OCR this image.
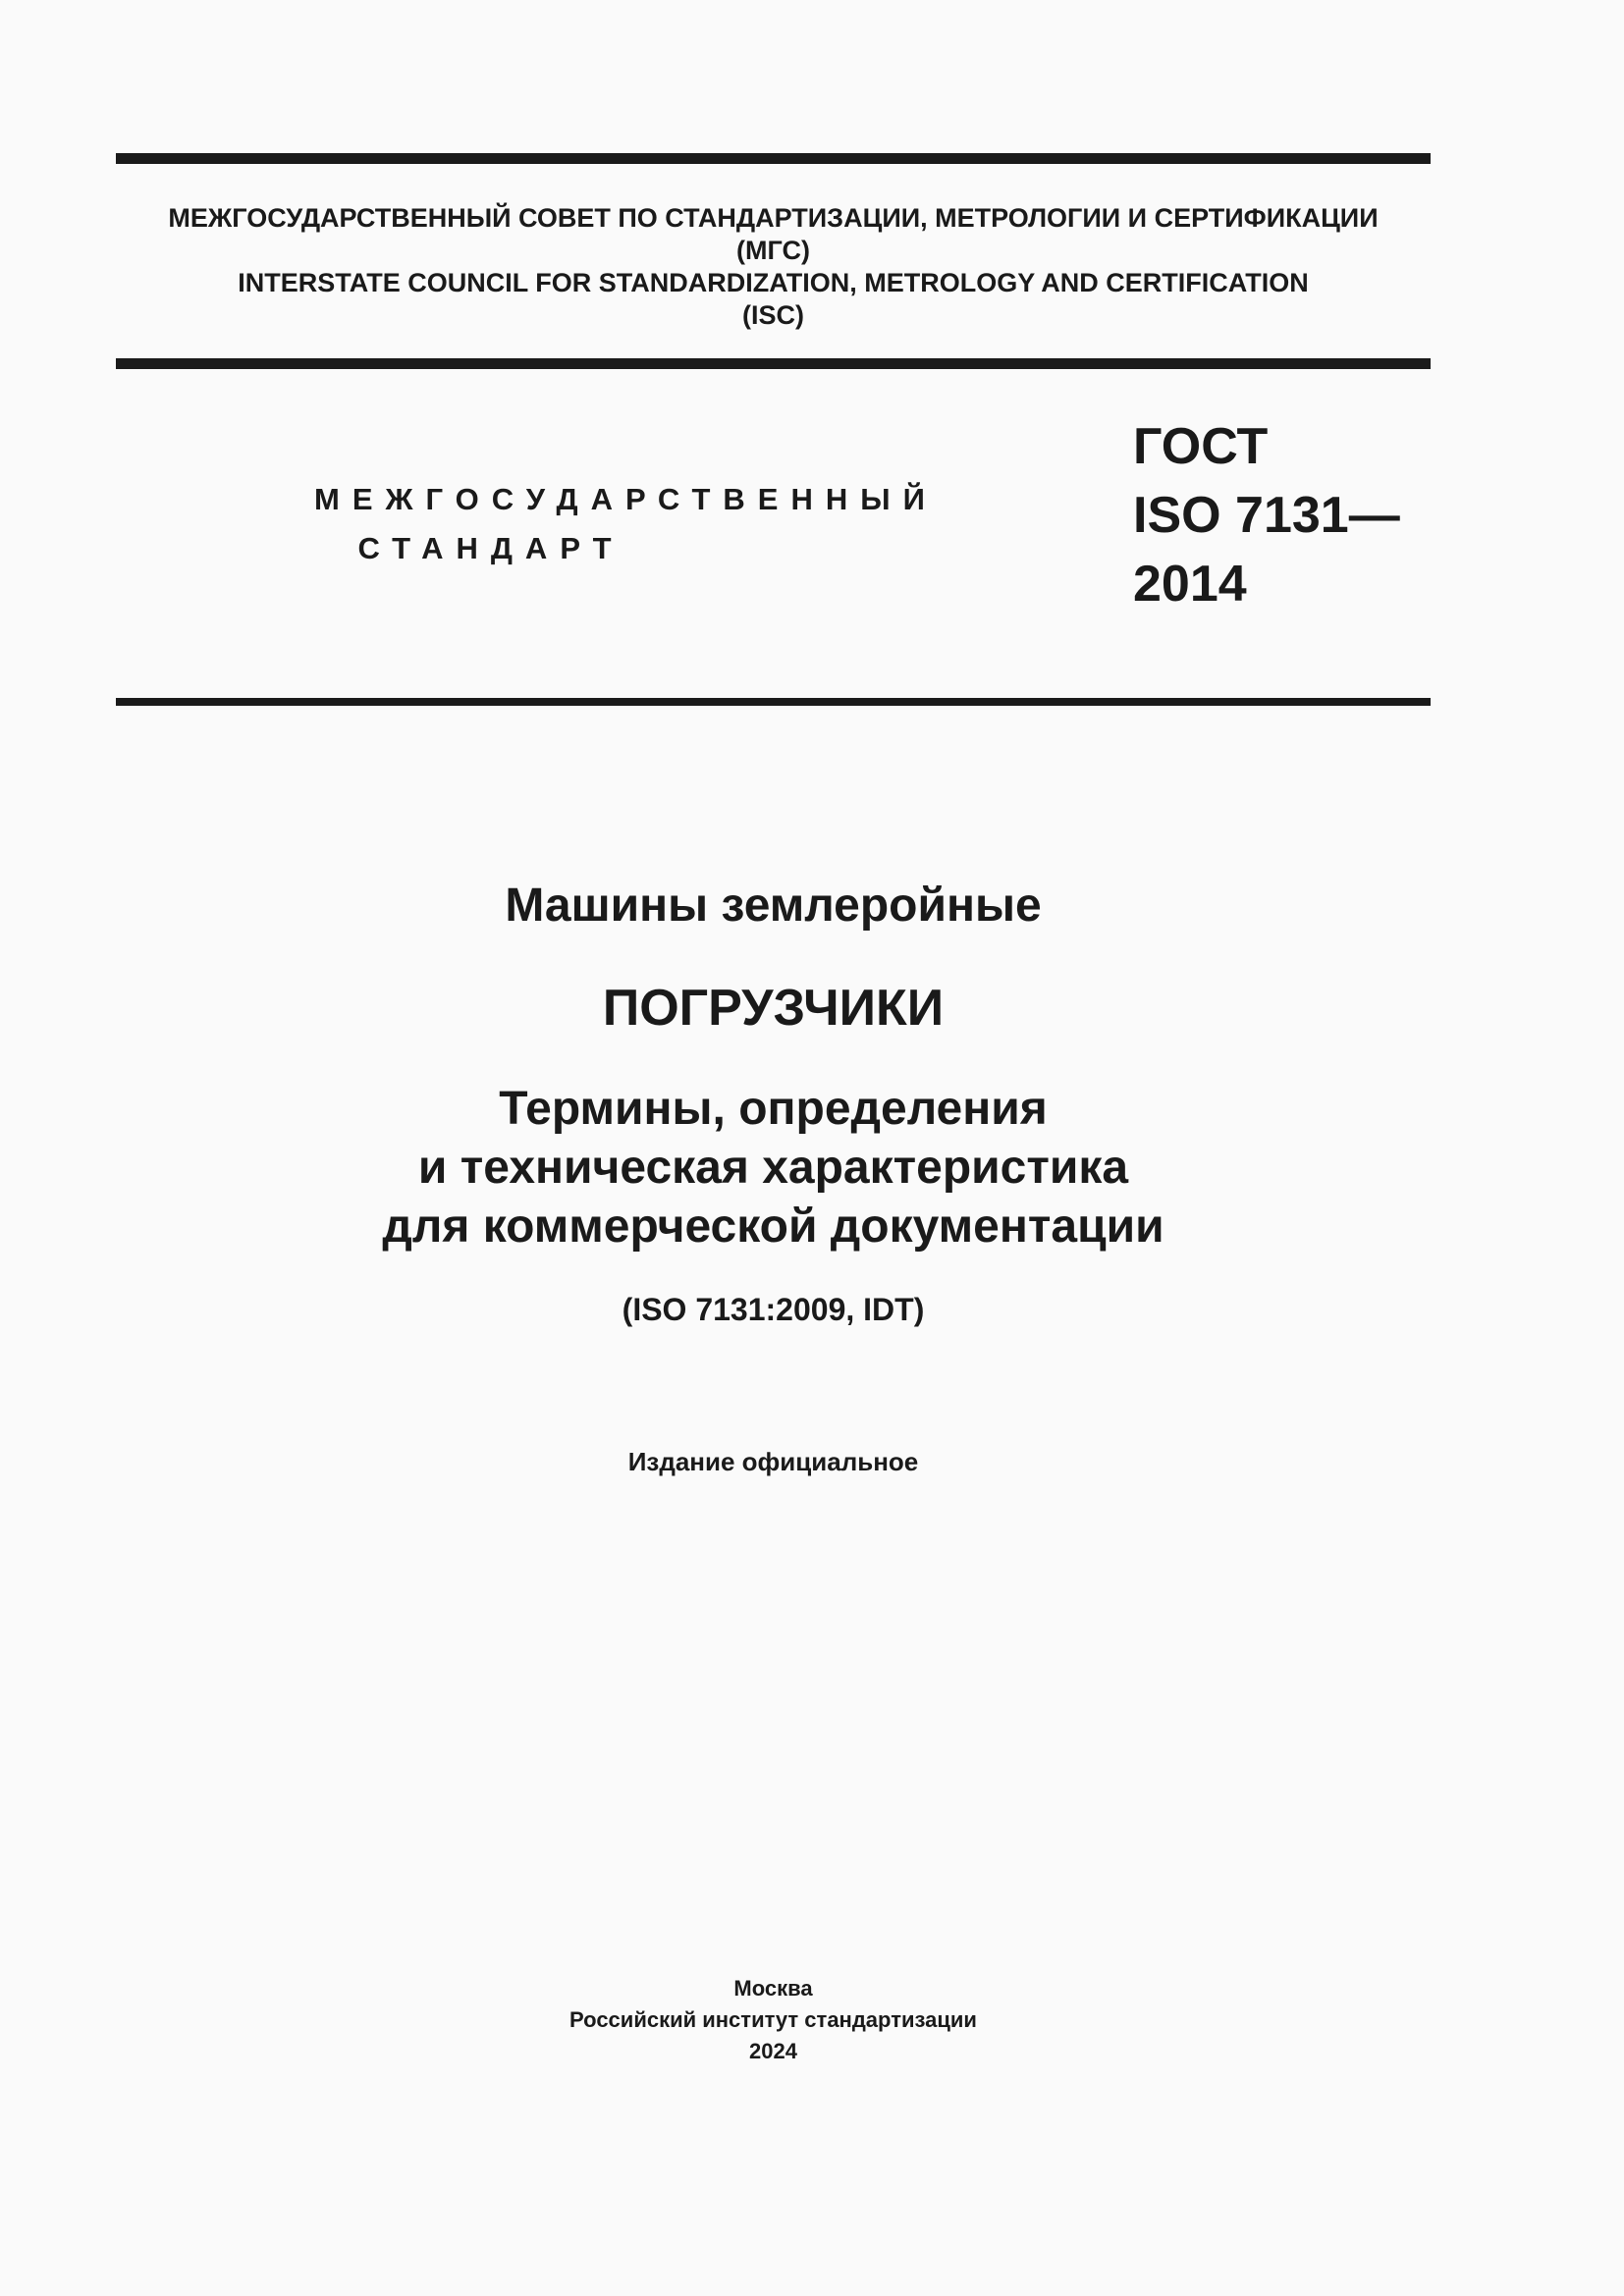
МЕЖГОСУДАРСТВЕННЫЙ СОВЕТ ПО СТАНДАРТИЗАЦИИ, МЕТРОЛОГИИ И СЕРТИФИКАЦИИ
(МГС)
INTERSTATE COUNCIL FOR STANDARDIZATION, METROLOGY AND CERTIFICATION
(ISC)
МЕЖГОСУДАРСТВЕННЫЙ
СТАНДАРТ
ГОСТ
ISO 7131—
2014
Машины землеройные
ПОГРУЗЧИКИ
Термины, определения
и техническая характеристика
для коммерческой документации
(ISO 7131:2009, IDT)
Издание официальное
Москва
Российский институт стандартизации
2024
